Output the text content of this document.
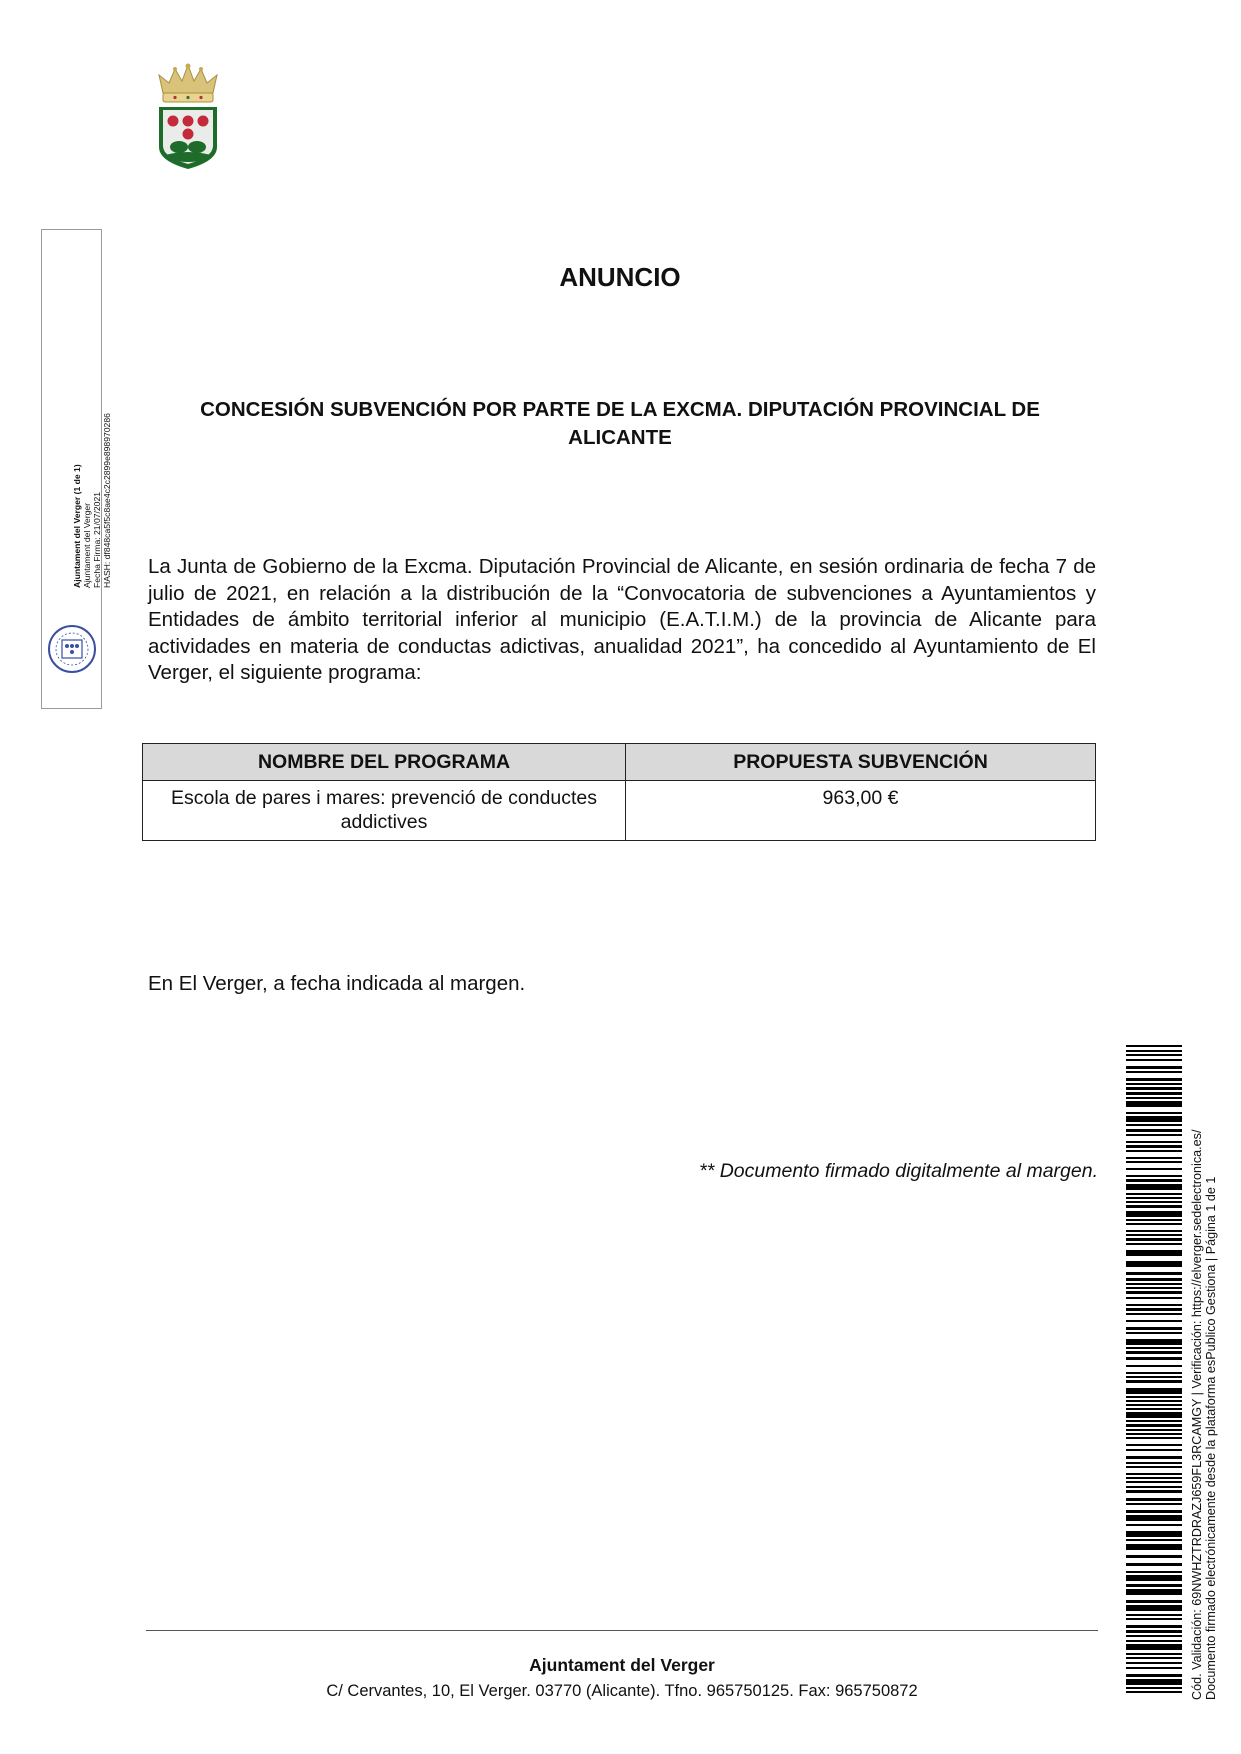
Ajuntament del Verger (1 de 1) Ajuntament del Verger Fecha Firma: 21/07/2021 HASH: df848ca5f5c8ae4c2c2899e898970286
ANUNCIO
CONCESIÓN SUBVENCIÓN POR PARTE DE LA EXCMA. DIPUTACIÓN PROVINCIAL DE ALICANTE
La Junta de Gobierno de la Excma. Diputación Provincial de Alicante, en sesión ordinaria de fecha 7 de julio de 2021, en relación a la distribución de la “Convocatoria de subvenciones a Ayuntamientos y Entidades de ámbito territorial inferior al municipio (E.A.T.I.M.) de la provincia de Alicante para actividades en materia de conductas adictivas, anualidad 2021”, ha concedido al Ayuntamiento de El Verger, el siguiente programa:
NOMBRE DEL PROGRAMA	PROPUESTA SUBVENCIÓN
Escola de pares i mares: prevenció de conductes addictives	963,00 €
En El Verger, a fecha indicada al margen.
** Documento firmado digitalmente al margen.
Ajuntament del Verger
C/ Cervantes, 10, El Verger. 03770 (Alicante). Tfno. 965750125. Fax: 965750872	Cód. Validación: 69NWHZTRDRAZJ659FL3RCAMGY | Verificación: https://elverger.sedelectronica.es/ Documento firmado electrónicamente desde la plataforma esPublico Gestiona | Página 1 de 1
